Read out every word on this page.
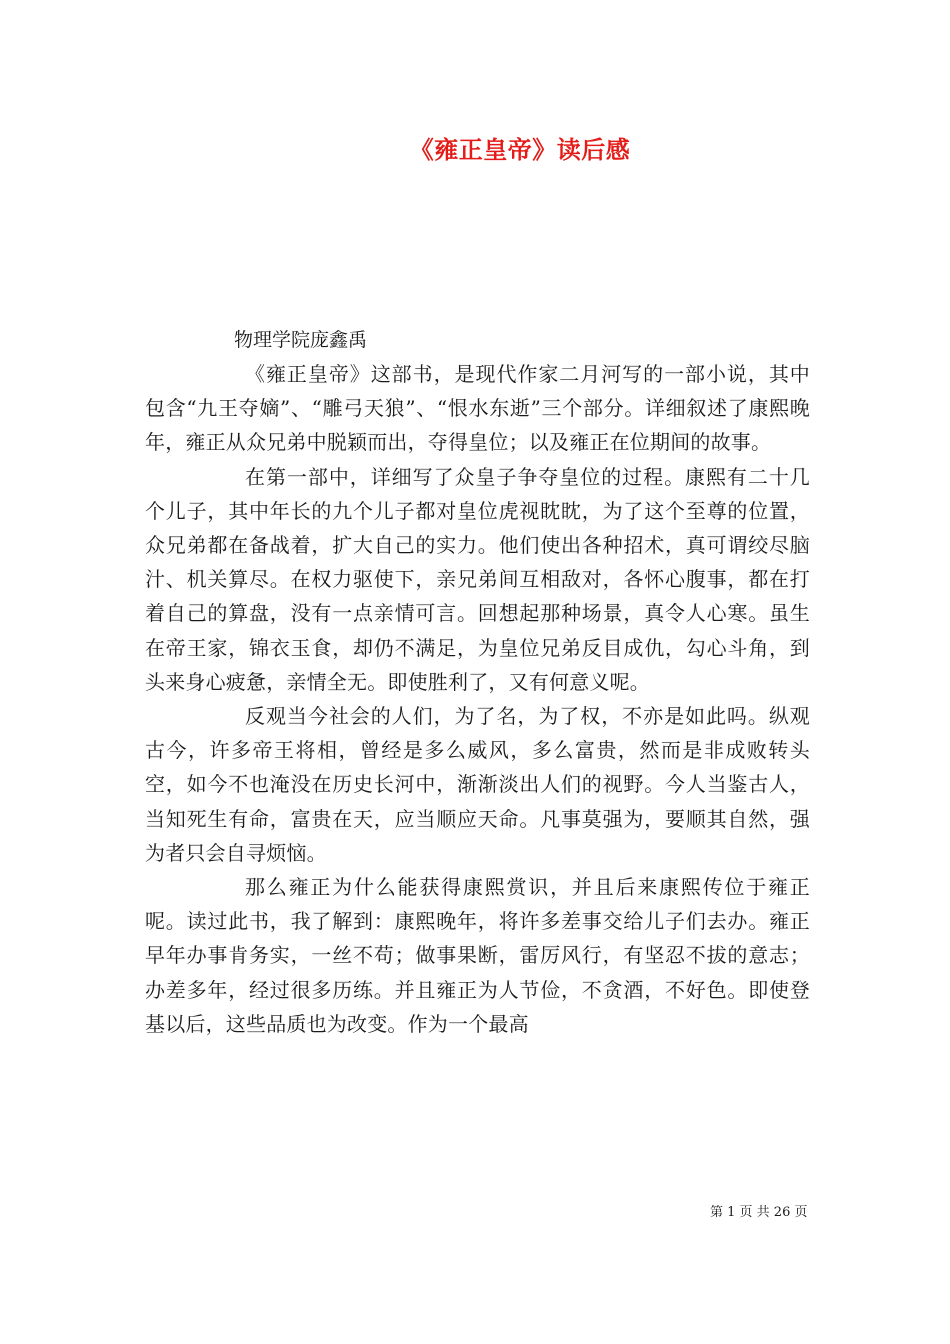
《雍正皇帝》读后感
物理学院庞鑫禹

《雍正皇帝》这部书，是现代作家二月河写的一部小说，其中包含“九王夺嫡”、“雕弓天狼”、“恨水东逝”三个部分。详细叙述了康熙晚年，雍正从众兄弟中脱颖而出，夺得皇位；以及雍正在位期间的故事。

在第一部中，详细写了众皇子争夺皇位的过程。康熙有二十几个儿子，其中年长的九个儿子都对皇位虎视眈眈，为了这个至尊的位置，众兄弟都在备战着，扩大自己的实力。他们使出各种招术，真可谓绞尽脑汁、机关算尽。在权力驱使下，亲兄弟间互相敌对，各怀心腹事，都在打着自己的算盘，没有一点亲情可言。回想起那种场景，真令人心寒。虽生在帝王家，锦衣玉食，却仍不满足，为皇位兄弟反目成仇，勾心斗角，到头来身心疲惫，亲情全无。即使胜利了，又有何意义呢。

反观当今社会的人们，为了名，为了权，不亦是如此吗。纵观古今，许多帝王将相，曾经是多么威风，多么富贵，然而是非成败转头空，如今不也淹没在历史长河中，渐渐淡出人们的视野。今人当鉴古人，当知死生有命，富贵在天，应当顺应天命。凡事莫强为，要顺其自然，强为者只会自寻烦恼。

那么雍正为什么能获得康熙赏识，并且后来康熙传位于雍正呢。读过此书，我了解到：康熙晚年，将许多差事交给儿子们去办。雍正早年办事肯务实，一丝不苟；做事果断，雷厉风行，有坚忍不拔的意志；办差多年，经过很多历练。并且雍正为人节俭，不贪酒，不好色。即使登基以后，这些品质也为改变。作为一个最高

第 1 页 共 26 页
